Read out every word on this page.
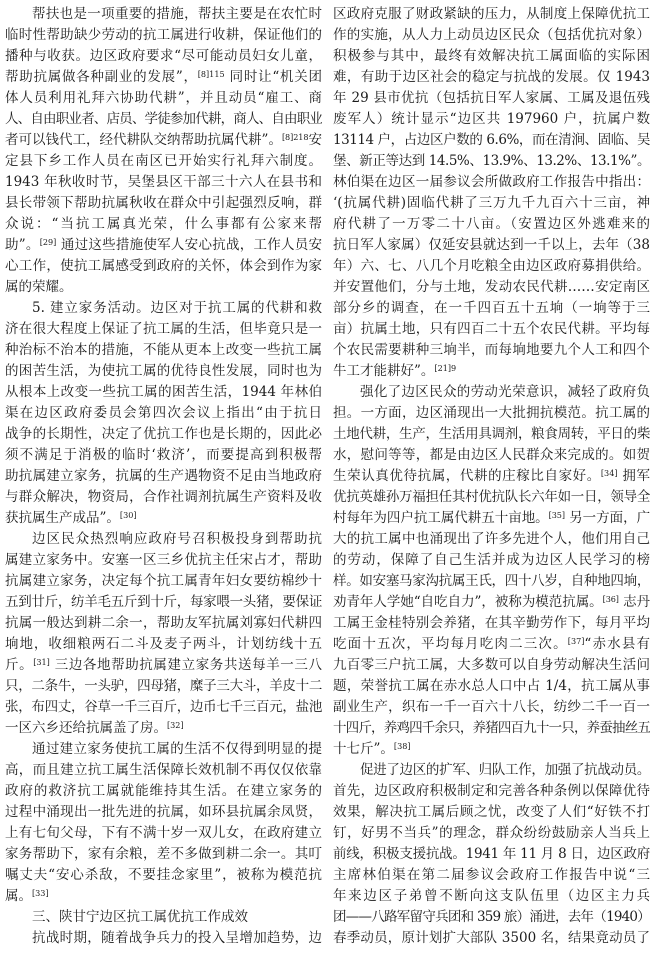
帮扶也是一项重要的措施，帮扶主要是在农忙时
临时性帮助缺少劳动的抗工属进行收耕，保证他们的
播种与收获。边区政府要求“尽可能动员妇女儿童，
帮助抗属做各种副业的发展”，$^{[8]115}$ 同时让“机关团
体人员利用礼拜六协助代耕”，并且动员“雇工、商
人、自由职业者、店员、学徒参加代耕，商人、自由职业
者可以钱代工，经代耕队交纳帮助抗属代耕”。$^{[8]218}$安
定县下乡工作人员在南区已开始实行礼拜六制度。
1943 年秋收时节，吴堡县区干部三十六人在县书和
县长带领下帮助抗属秋收在群众中引起强烈反响，群
众说：“当抗工属真光荣，什么事都有公家来帮
助”。[29] 通过这些措施使军人安心抗战，工作人员安
心工作，使抗工属感受到政府的关怀，体会到作为家
属的荣耀。
5. 建立家务活动。边区对于抗工属的代耕和救
济在很大程度上保证了抗工属的生活，但毕竟只是一
种治标不治本的措施，不能从更本上改变一些抗工属
的困苦生活，为使抗工属的优待良性发展，同时也为
从根本上改变一些抗工属的困苦生活，1944 年林伯
渠在边区政府委员会第四次会议上指出“由于抗日
战争的长期性，决定了优抗工作也是长期的，因此必
须不满足于消极的临时‘救济’，而要提高到积极帮
助抗属建立家务，抗属的生产遇物资不足由当地政府
与群众解决，物资局，合作社调剂抗属生产资料及收
获抗属生产成品”。[30]
边区民众热烈响应政府号召积极投身到帮助抗
属建立家务中。安塞一区三乡优抗主任宋占才，帮助
抗属建立家务，决定每个抗工属青年妇女要纺棉纱十
五到廿斤，纺羊毛五斤到十斤，每家喂一头猪，要保证
抗属一般达到耕二余一，帮助友军抗属刘寡妇代耕四
垧地，收细粮两石二斗及麦子两斗，计划纺线十五
斤。[31] 三边各地帮助抗属建立家务共送每羊一三八
只，二条牛，一头驴，四母猪，糜子三大斗，羊皮十二
张，布四丈，谷草一千三百斤，边币七千三百元，盐池
一区六乡还给抗属盖了房。[32]
通过建立家务使抗工属的生活不仅得到明显的提
高，而且建立抗工属生活保障长效机制不再仅仅依靠
政府的救济抗工属就能维持其生活。在建立家务的
过程中涌现出一批先进的抗属，如环县抗属余凤贤，
上有七旬父母，下有不满十岁一双儿女，在政府建立
家务帮助下，家有余粮，差不多做到耕二余一。其叮
嘱丈夫“安心杀敌，不要挂念家里”，被称为模范抗
属。[33]
三、陕甘宁边区抗工属优抗工作成效
抗战时期，随着战争兵力的投入呈增加趋势，边
区政府克服了财政紧缺的压力，从制度上保障优抗工
作的实施，从人力上动员边区民众（包括优抗对象）
积极参与其中，最终有效解决抗工属面临的实际困
难，有助于边区社会的稳定与抗战的发展。仅 1943
年 29 县市优抗（包括抗日军人家属、工属及退伍残
废军人）统计显示“边区共 197960 户，抗属户数
13114 户，占边区户数的 6.6%，而在清涧、固临、吴
堡、新正等达到 14.5%、13.9%、13.2%、13.1%”。
林伯渠在边区一届参议会所做政府工作报告中指出：
‘(抗属代耕)固临代耕了三万九千九百六十三亩，神
府代耕了一万零二十八亩。（安置边区外逃难来的
抗日军人家属）仅延安县就达到一千以上，去年（38
年）六、七、八几个月吃粮全由边区政府募捐供给。
并安置他们，分与土地，发动农民代耕……安定南区
部分乡的调查，在一千四百五十五垧（一垧等于三
亩）抗属土地，只有四百二十五个农民代耕。平均每
个农民需要耕种三垧半，而每垧地要九个人工和四个
牛工才能耕好”。$^{[21]9}$
强化了边区民众的劳动光荣意识，减轻了政府负
担。一方面，边区涌现出一大批拥抗模范。抗工属的
土地代耕，生产，生活用具调剂，粮食周转，平日的柴
水，慰问等等，都是由边区人民群众来完成的。如贺
生荣认真优待抗属，代耕的庄稼比自家好。[34] 拥军
优抗英雄孙万福担任其村优抗队长六年如一日，领导全
村每年为四户抗工属代耕五十亩地。[35] 另一方面，广
大的抗工属中也涌现出了许多先进个人，他们用自己
的劳动，保障了自己生活并成为边区人民学习的榜
样。如安塞马家沟抗属王氏，四十八岁，自种地四垧，
劝青年人学她“自吃自力”，被称为模范抗属。[36] 志丹
工属王金桂特别会养猪，在其辛勤劳作下，每月平均
吃面十五次，平均每月吃肉二三次。[37]“赤水县有
九百零三户抗工属，大多数可以自身劳动解决生活问
题，荣誉抗工属在赤水总人口中占 1/4，抗工属从事
副业生产，织布一千一百六十八长，纺纱二千一百一
十四斤，养鸡四千余只，养猪四百九十一只，养蚕抽丝五
十七斤”。[38]
促进了边区的扩军、归队工作，加强了抗战动员。
首先，边区政府积极制定和完善各种条例以保障优待
效果，解决抗工属后顾之忧，改变了人们“好铁不打
钉，好男不当兵”的理念，群众纷纷鼓励亲人当兵上
前线，积极支援抗战。1941 年 11 月 8 日，边区政府
主席林伯渠在第二届参议会政府工作报告中说“三
年来边区子弟曾不断向这支队伍里（边区主力兵
团——八路军留守兵团和 359 旅）涌进，去年（1940）
春季动员，原计划扩大部队 3500 名，结果竟动员了
